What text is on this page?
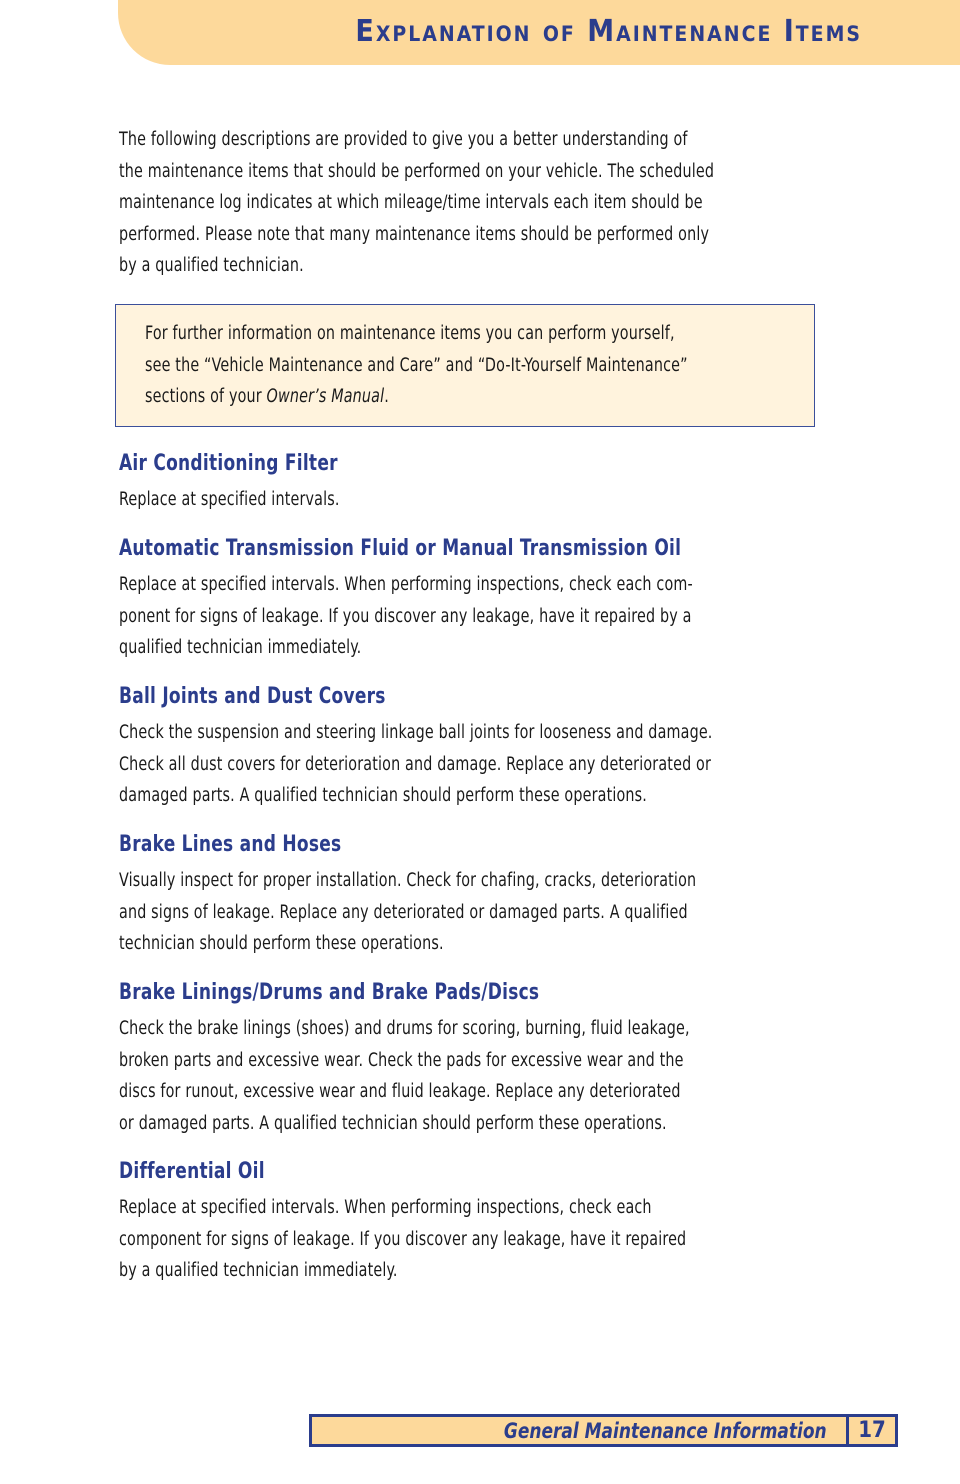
Explanation of Maintenance Items

The following descriptions are provided to give you a better understanding of

the maintenance items that should be performed on your vehicle. The scheduled

maintenance log indicates at which mileage/time intervals each item should be

performed. Please note that many maintenance items should be performed only

by a qualified technician.

For further information on maintenance items you can perform yourself,
see the “Vehicle Maintenance and Care” and “Do-It-Yourself Maintenance”
sections of your Owner’s Manual.

Air Conditioning Filter

Replace at specified intervals.

Automatic Transmission Fluid or Manual Transmission Oil

Replace at specified intervals. When performing inspections, check each com-

ponent for signs of leakage. If you discover any leakage, have it repaired by a

qualified technician immediately.

Ball Joints and Dust Covers

Check the suspension and steering linkage ball joints for looseness and damage.

Check all dust covers for deterioration and damage. Replace any deteriorated or

damaged parts. A qualified technician should perform these operations.

Brake Lines and Hoses

Visually inspect for proper installation. Check for chafing, cracks, deterioration

and signs of leakage. Replace any deteriorated or damaged parts. A qualified

technician should perform these operations.

Brake Linings/Drums and Brake Pads/Discs

Check the brake linings (shoes) and drums for scoring, burning, fluid leakage,

broken parts and excessive wear. Check the pads for excessive wear and the

discs for runout, excessive wear and fluid leakage. Replace any deteriorated

or damaged parts. A qualified technician should perform these operations.

Differential Oil

Replace at specified intervals. When performing inspections, check each

component for signs of leakage. If you discover any leakage, have it repaired

by a qualified technician immediately.

General Maintenance Information	17
